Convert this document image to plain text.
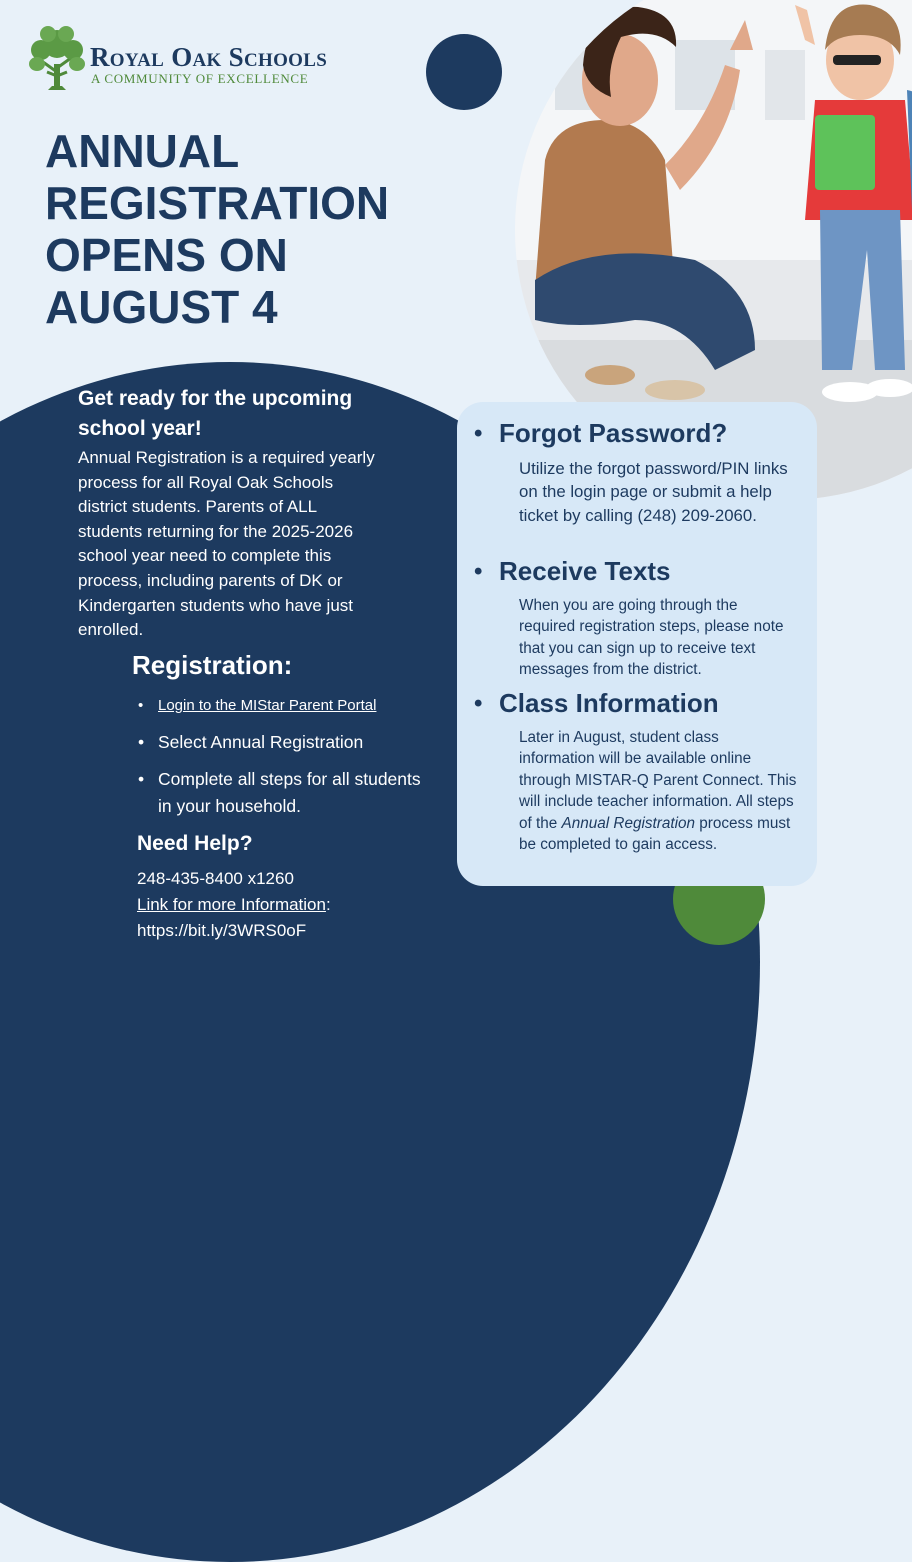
Royal Oak Schools
A COMMUNITY OF EXCELLENCE
ANNUAL
REGISTRATION
OPENS ON
AUGUST 4
Get ready for the upcoming school year!

Annual Registration is a required yearly process for all Royal Oak Schools district students. Parents of ALL students returning for the 2025-2026 school year need to complete this process, including parents of DK or Kindergarten students who have just enrolled.

Registration:
• Login to the MIStar Parent Portal
• Select Annual Registration
• Complete all steps for all students in your household.
Need Help?
248-435-8400 x1260
Link for more Information:
https://bit.ly/3WRS0oF
• Forgot Password?

Utilize the forgot password/PIN links on the login page or submit a help ticket by calling (248) 209-2060.

• Receive Texts

When you are going through the required registration steps, please note that you can sign up to receive text messages from the district.

• Class Information

Later in August, student class information will be available online through MISTAR-Q Parent Connect. This will include teacher information. All steps of the Annual Registration process must be completed to gain access.
